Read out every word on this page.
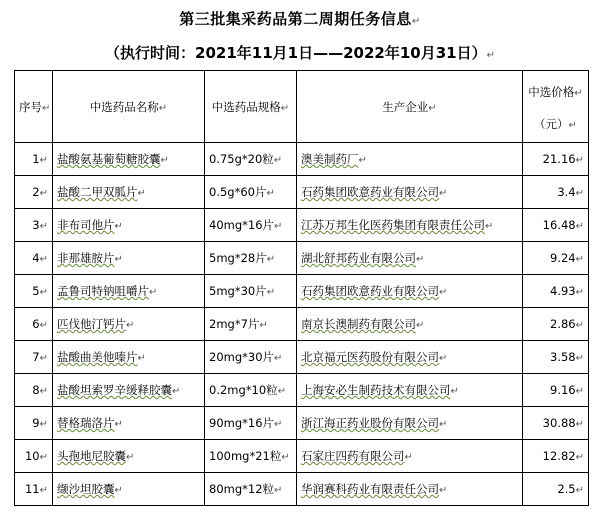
第三批集采药品第二周期任务信息↵
（执行时间：2021年11月1日——2022年10月31日）↵
序号↵	中选药品名称↵	中选药品规格↵	生产企业↵	中选价格↵
（元）↵

1↵	盐酸氨基葡萄糖胶囊↵	0.75g*20粒↵	澳美制药厂↵	21.16↵
2↵	盐酸二甲双胍片↵	0.5g*60片↵	石药集团欧意药业有限公司↵	3.4↵
3↵	非布司他片↵	40mg*16片↵	江苏万邦生化医药集团有限责任公司↵	16.48↵
4↵	非那雄胺片↵	5mg*28片↵	湖北舒邦药业有限公司↵	9.24↵
5↵	孟鲁司特钠咀嚼片↵	5mg*30片↵	石药集团欧意药业有限公司↵	4.93↵
6↵	匹伐他汀钙片↵	2mg*7片↵	南京长澳制药有限公司↵	2.86↵
7↵	盐酸曲美他嗪片↵	20mg*30片↵	北京福元医药股份有限公司↵	3.58↵
8↵	盐酸坦索罗辛缓释胶囊↵	0.2mg*10粒↵	上海安必生制药技术有限公司↵	9.16↵
9↵	替格瑞洛片↵	90mg*16片↵	浙江海正药业股份有限公司↵	30.88↵
10↵	头孢地尼胶囊↵	100mg*21粒↵	石家庄四药有限公司↵	12.82↵
11↵	缬沙坦胶囊↵	80mg*12粒↵	华润赛科药业有限责任公司↵	2.5↵
